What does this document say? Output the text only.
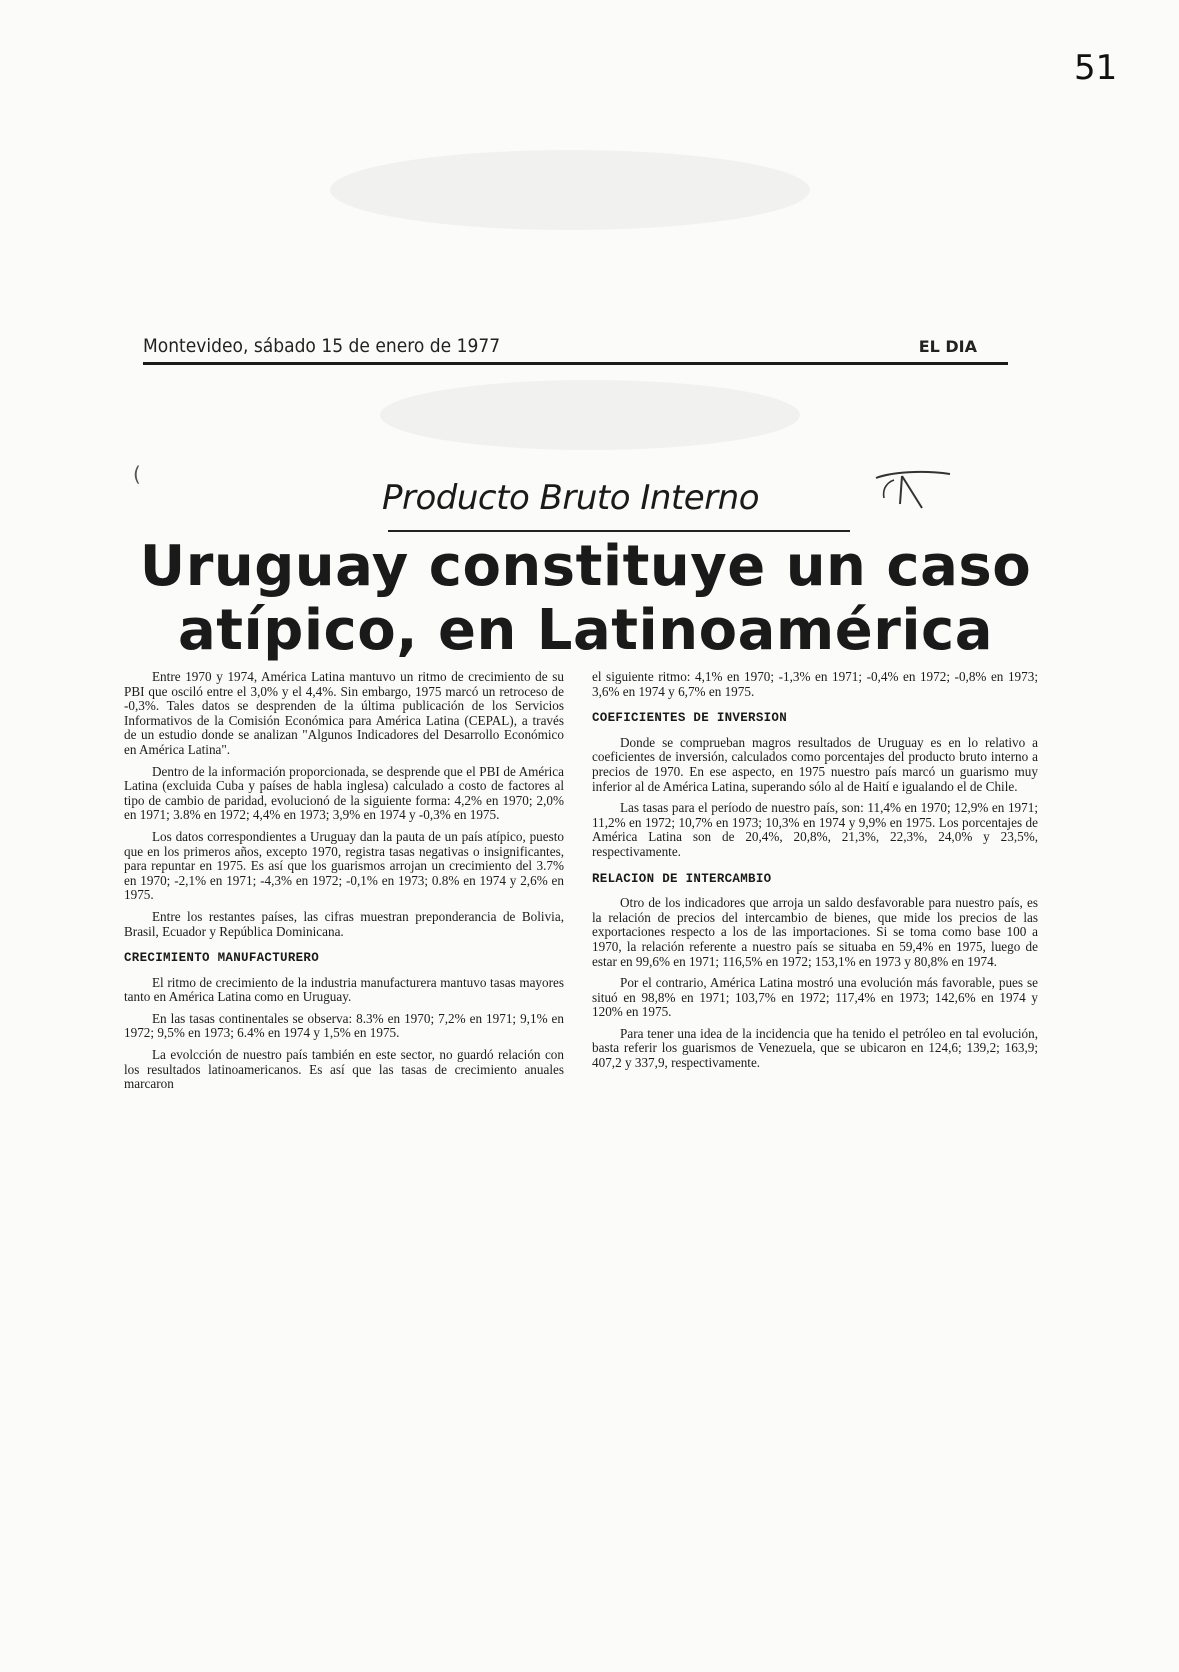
51
Montevideo, sábado 15 de enero de 1977	EL DIA
(
Producto Bruto Interno
Uruguay constituye un caso
atípico, en Latinoamérica

Entre 1970 y 1974, América Latina mantuvo un ritmo de crecimiento de su PBI que osciló entre el 3,0% y el 4,4%. Sin embargo, 1975 marcó un retroceso de -0,3%. Tales datos se desprenden de la última publicación de los Servicios Informativos de la Comisión Económica para América Latina (CEPAL), a través de un estudio donde se analizan "Algunos Indicadores del Desarrollo Económico en América Latina".

Dentro de la información proporcionada, se desprende que el PBI de América Latina (excluida Cuba y países de habla inglesa) calculado a costo de factores al tipo de cambio de paridad, evolucionó de la siguiente forma: 4,2% en 1970; 2,0% en 1971; 3.8% en 1972; 4,4% en 1973; 3,9% en 1974 y -0,3% en 1975.

Los datos correspondientes a Uruguay dan la pauta de un país atípico, puesto que en los primeros años, excepto 1970, registra tasas negativas o insignificantes, para repuntar en 1975. Es así que los guarismos arrojan un crecimiento del 3.7% en 1970; -2,1% en 1971; -4,3% en 1972; -0,1% en 1973; 0.8% en 1974 y 2,6% en 1975.

Entre los restantes países, las cifras muestran preponderancia de Bolivia, Brasil, Ecuador y República Dominicana.

CRECIMIENTO MANUFACTURERO

El ritmo de crecimiento de la industria manufacturera mantuvo tasas mayores tanto en América Latina como en Uruguay.

En las tasas continentales se observa: 8.3% en 1970; 7,2% en 1971; 9,1% en 1972; 9,5% en 1973; 6.4% en 1974 y 1,5% en 1975.

La evolcción de nuestro país también en este sector, no guardó relación con los resultados latinoamericanos. Es así que las tasas de crecimiento anuales marcaron

el siguiente ritmo: 4,1% en 1970; -1,3% en 1971; -0,4% en 1972; -0,8% en 1973; 3,6% en 1974 y 6,7% en 1975.

COEFICIENTES DE INVERSION

Donde se comprueban magros resultados de Uruguay es en lo relativo a coeficientes de inversión, calculados como porcentajes del producto bruto interno a precios de 1970. En ese aspecto, en 1975 nuestro país marcó un guarismo muy inferior al de América Latina, superando sólo al de Haití e igualando el de Chile.

Las tasas para el período de nuestro país, son: 11,4% en 1970; 12,9% en 1971; 11,2% en 1972; 10,7% en 1973; 10,3% en 1974 y 9,9% en 1975. Los porcentajes de América Latina son de 20,4%, 20,8%, 21,3%, 22,3%, 24,0% y 23,5%, respectivamente.

RELACION DE INTERCAMBIO

Otro de los indicadores que arroja un saldo desfavorable para nuestro país, es la relación de precios del intercambio de bienes, que mide los precios de las exportaciones respecto a los de las importaciones. Si se toma como base 100 a 1970, la relación referente a nuestro país se situaba en 59,4% en 1975, luego de estar en 99,6% en 1971; 116,5% en 1972; 153,1% en 1973 y 80,8% en 1974.

Por el contrario, América Latina mostró una evolución más favorable, pues se situó en 98,8% en 1971; 103,7% en 1972; 117,4% en 1973; 142,6% en 1974 y 120% en 1975.

Para tener una idea de la incidencia que ha tenido el petróleo en tal evolución, basta referir los guarismos de Venezuela, que se ubicaron en 124,6; 139,2; 163,9; 407,2 y 337,9, respectivamente.
